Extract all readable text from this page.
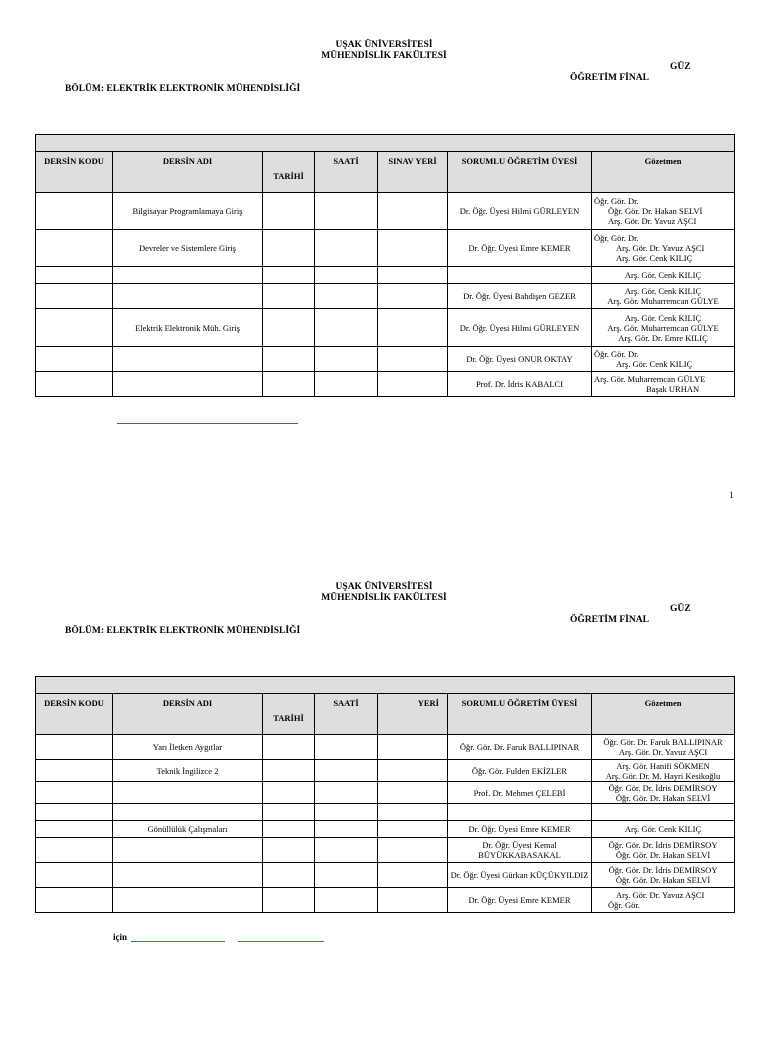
UŞAK ÜNİVERSİTESİ
MÜHENDİSLİK FAKÜLTESİ
GÜZ
ÖĞRETİM FİNAL
BÖLÜM: ELEKTRİK ELEKTRONİK MÜHENDİSLİĞİ

DERSİN KODU	DERSİN ADI	TARİHİ	SAATİ	SINAV YERİ	SORUMLU ÖĞRETİM ÜYESİ	Gözetmen
	Bilgisayar Programlamaya Giriş				Dr. Öğr. Üyesi Hilmi GÜRLEYEN	Öğr. Gör. Dr.
Öğr. Gör. Dr. Hakan SELVİ
Arş. Gör. Dr. Yavuz AŞCI

	Devreler ve Sistemlere Giriş				Dr. Öğr. Üyesi Emre KEMER	Öğr. Gör. Dr.
Arş. Gör. Dr. Yavuz AŞCI
Arş. Gör. Cenk KILIÇ

						Arş. Gör. Cenk KILIÇ

					Dr. Öğr. Üyesi Bahdişen GEZER	Arş. Gör. Cenk KILIÇ
Arş. Gör. Muharremcan GÜLYE

	Elektrik Elektronik Müh. Giriş				Dr. Öğr. Üyesi Hilmi GÜRLEYEN	Arş. Gör. Cenk KILIÇ
Arş. Gör. Muharremcan GÜLYE
Arş. Gör. Dr. Emre KILIÇ

					Dr. Öğr. Üyesi ONUR OKTAY	Öğr. Gör. Dr.
Arş. Gör. Cenk KILIÇ

					Prof. Dr. İdris KABALCI	Arş. Gör. Muharremcan GÜLYE
Başak URHAN
1
UŞAK ÜNİVERSİTESİ
MÜHENDİSLİK FAKÜLTESİ
GÜZ
ÖĞRETİM FİNAL
BÖLÜM: ELEKTRİK ELEKTRONİK MÜHENDİSLİĞİ

DERSİN KODU	DERSİN ADI	TARİHİ	SAATİ	YERİ	SORUMLU ÖĞRETİM ÜYESİ	Gözetmen
	Yarı İletken Aygıtlar				Öğr. Gör. Dr. Faruk BALLIPINAR	Öğr. Gör. Dr. Faruk BALLIPINAR
Arş. Gör. Dr. Yavuz AŞCI

	Teknik İngilizce 2				Öğr. Gör. Fulden EKİZLER	Arş. Gör. Hanifi SÖKMEN
Arş. Gör. Dr. M. Hayri Kesikoğlu

					Prof. Dr. Mehmet ÇELEBİ	Öğr. Gör. Dr. İdris DEMİRSOY
Öğr. Gör. Dr. Hakan SELVİ

	Gönüllülük Çalışmaları				Dr. Öğr. Üyesi Emre KEMER	Arş. Gör. Cenk KILIÇ

					Dr. Öğr. Üyesi Kemal BÜYÜKKABASAKAL	Öğr. Gör. Dr. İdris DEMİRSOY
Öğr. Gör. Dr. Hakan SELVİ

					Dr. Öğr. Üyesi Gürkan KÜÇÜKYILDIZ	Öğr. Gör. Dr. İdris DEMİRSOY
Öğr. Gör. Dr. Hakan SELVİ

					Dr. Öğr. Üyesi Emre KEMER	Arş. Gör. Dr. Yavuz AŞCI
Öğr. Gör.
için
